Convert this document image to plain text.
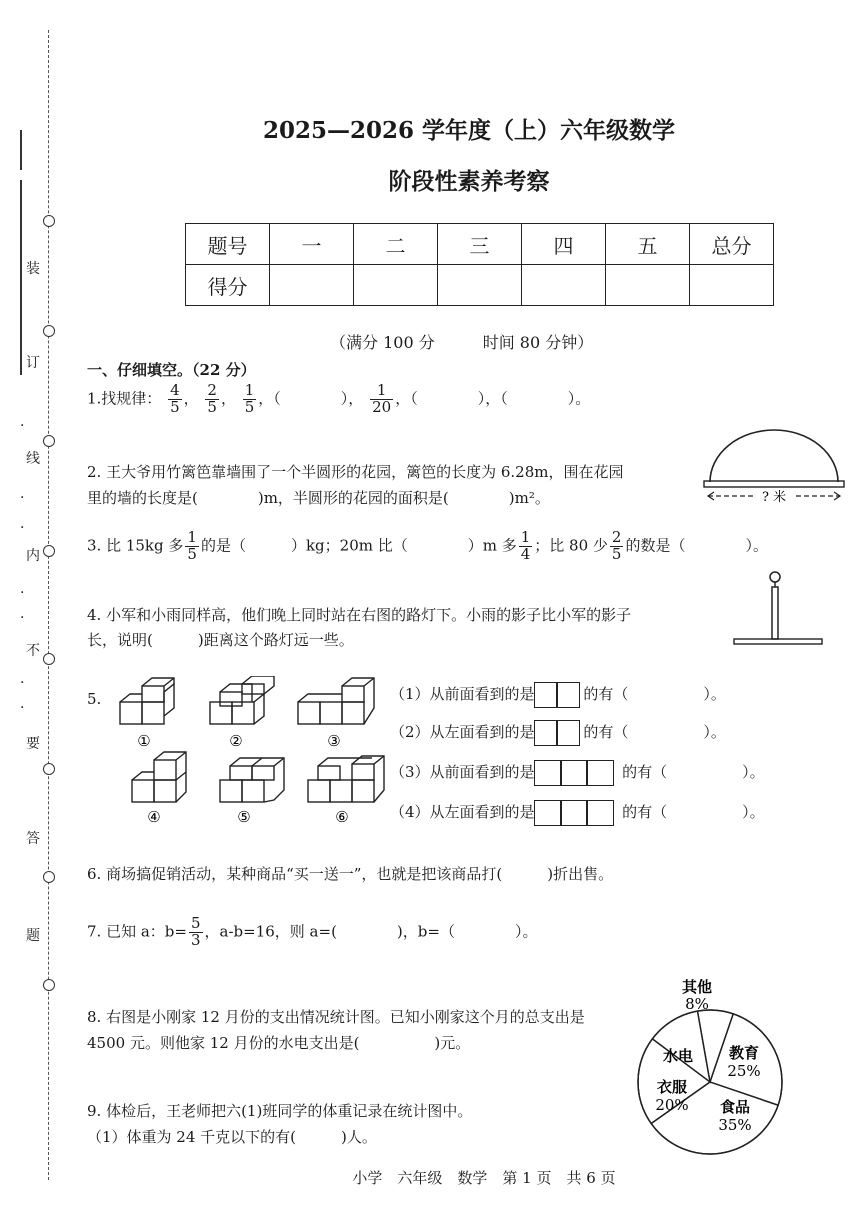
装
订
线
内
不
要
答
题
·
·
·
·
·
·
·
2025—2026 学年度（上）六年级数学
阶段性素养考察
题号	一	二	三	四	五	总分
得分						
（满分 100 分　　　时间 80 分钟）
一、仔细填空。（22 分）
1.找规律： $\frac{4}{5}$ ， $\frac{2}{5}$ ， $\frac{1}{5}$ ，（　　　　）， $\frac{1}{20}$ ，（　　　　），（　　　　）。
2. 王大爷用竹篱笆靠墙围了一个半圆形的花园，篱笆的长度为 6.28m，围在花园
里的墙的长度是(　　　　)m，半圆形的花园的面积是(　　　　)m²。	? 米
3. 比 15kg 多 $\frac{1}{5}$ 的是（　　　）kg；20m 比（　　　　）m 多 $\frac{1}{4}$ ；比 80 少 $\frac{2}{5}$ 的数是（　　　　）。
4. 小军和小雨同样高，他们晚上同时站在右图的路灯下。小雨的影子比小军的影子
长，说明(　　　)距离这个路灯远一些。
5.
①	②	③
④	⑤	⑥
（1）从前面看到的是	的有（　　　　　）。
（2）从左面看到的是	的有（　　　　　）。
（3）从前面看到的是	的有（　　　　　）。
（4）从左面看到的是	的有（　　　　　）。
6. 商场搞促销活动，某种商品“买一送一”，也就是把该商品打(　　　)折出售。
7. 已知 a：$b= \frac{5}{3}$ ，a-b=16，则 a=(　　　　)，b=（　　　　）。
8. 右图是小刚家 12 月份的支出情况统计图。已知小刚家这个月的总支出是
4500 元。则他家 12 月份的水电支出是(　　　　　)元。
其他
8%
教育
25%
食品
35%
衣服
20%
水电
9. 体检后，王老师把六(1)班同学的体重记录在统计图中。
（1）体重为 24 千克以下的有(　　　)人。
小学　六年级　数学　第 1 页　共 6 页
